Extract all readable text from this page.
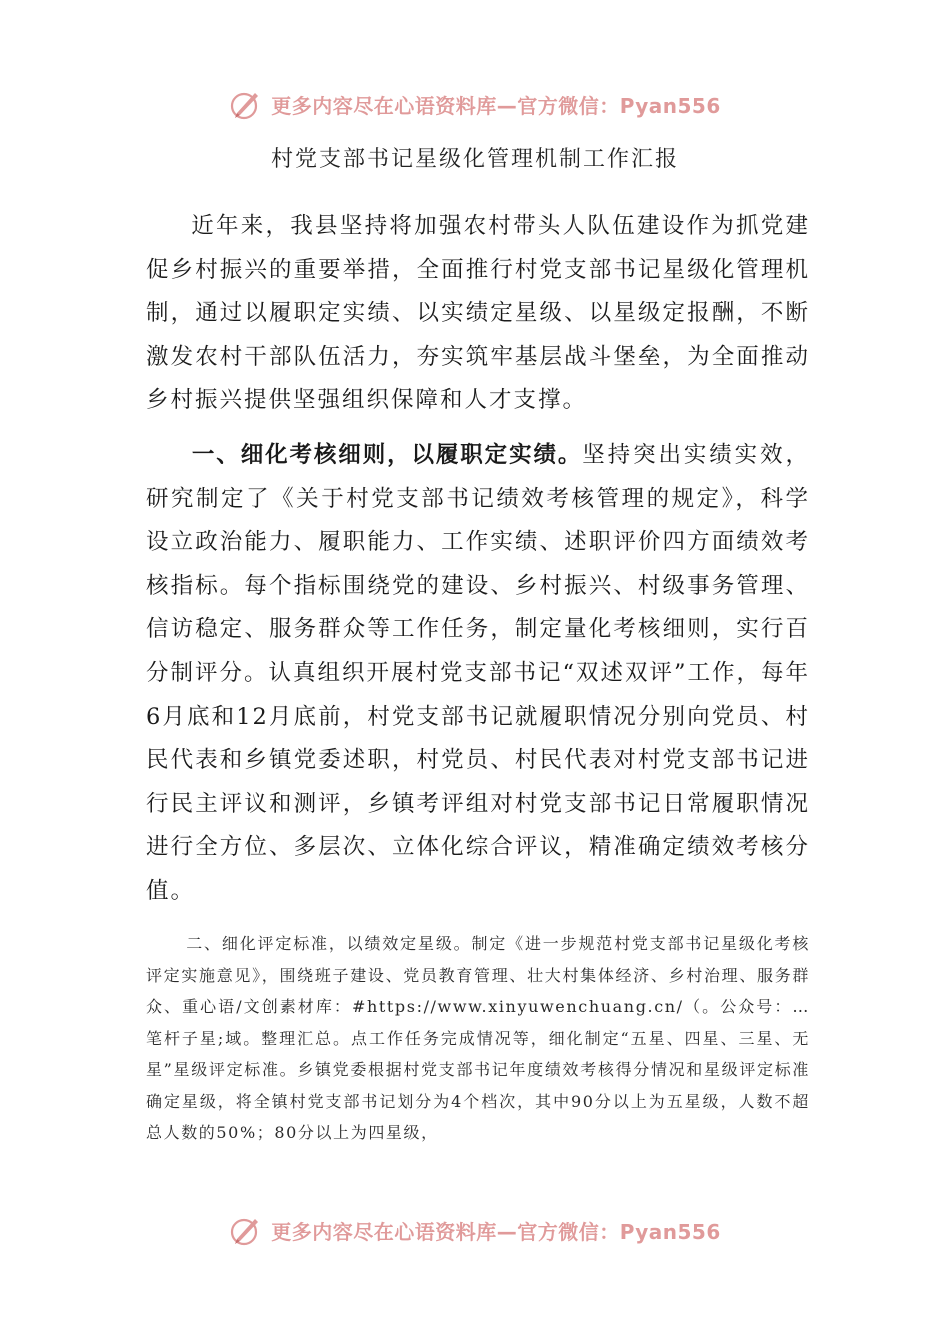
更多内容尽在心语资料库—官方微信：Pyan556
村党支部书记星级化管理机制工作汇报
近年来，我县坚持将加强农村带头人队伍建设作为抓党建促乡村振兴的重要举措，全面推行村党支部书记星级化管理机制，通过以履职定实绩、以实绩定星级、以星级定报酬，不断激发农村干部队伍活力，夯实筑牢基层战斗堡垒，为全面推动乡村振兴提供坚强组织保障和人才支撑。
一、细化考核细则，以履职定实绩。坚持突出实绩实效，研究制定了《关于村党支部书记绩效考核管理的规定》，科学设立政治能力、履职能力、工作实绩、述职评价四方面绩效考核指标。每个指标围绕党的建设、乡村振兴、村级事务管理、信访稳定、服务群众等工作任务，制定量化考核细则，实行百分制评分。认真组织开展村党支部书记“双述双评”工作，每年6月底和12月底前，村党支部书记就履职情况分别向党员、村民代表和乡镇党委述职，村党员、村民代表对村党支部书记进行民主评议和测评，乡镇考评组对村党支部书记日常履职情况进行全方位、多层次、立体化综合评议，精准确定绩效考核分值。
二、细化评定标准，以绩效定星级。制定《进一步规范村党支部书记星级化考核评定实施意见》，围绕班子建设、党员教育管理、壮大村集体经济、乡村治理、服务群众、重心语/文创素材库：#https://www.xinyuwenchuang.cn/（。公众号：…笔杆子星;域。整理汇总。点工作任务完成情况等，细化制定“五星、四星、三星、无星”星级评定标准。乡镇党委根据村党支部书记年度绩效考核得分情况和星级评定标准确定星级，将全镇村党支部书记划分为4个档次，其中90分以上为五星级，人数不超总人数的50%；80分以上为四星级，
更多内容尽在心语资料库—官方微信：Pyan556
